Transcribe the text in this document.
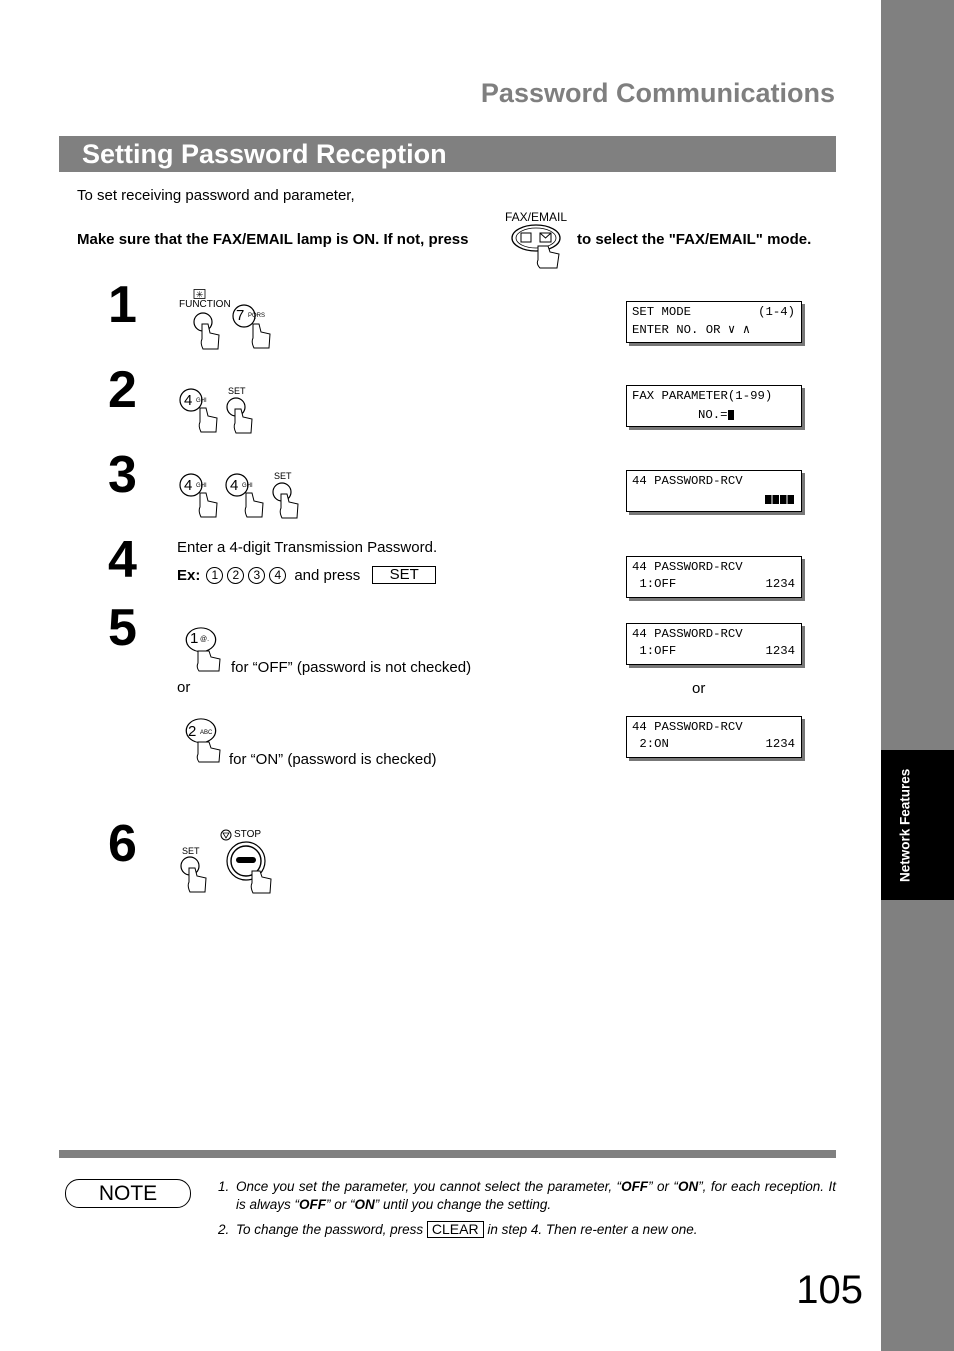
Network Features
Password Communications
Setting Password Reception
To set receiving password and parameter,
Make sure that the FAX/EMAIL lamp is ON. If not, press
FAX/EMAIL
to select the "FAX/EMAIL" mode.
1
2
3
4
5
6
✳
FUNCTION
7 PQRS
4 GHI
SET
4 GHI 4 GHI
SET
Enter a 4-digit Transmission Password.
Ex: 1	2	3	4 and press	SET
1 @.
for “OFF” (password is not checked)
or
2 ABC
for “ON” (password is checked)
or
SET
STOP
SET MODE	(1-4)
ENTER NO. OR ∨ ∧
FAX PARAMETER(1-99)
NO.=
44 PASSWORD-RCV
44 PASSWORD-RCV
1:OFF	1234
44 PASSWORD-RCV
1:OFF	1234
44 PASSWORD-RCV
2:ON	1234
NOTE	1. Once you set the parameter, you cannot select the parameter, “OFF” or “ON”, for each reception. It is always “OFF” or “ON” until you change the setting.
2. To change the password, press CLEAR in step 4. Then re-enter a new one.
105
